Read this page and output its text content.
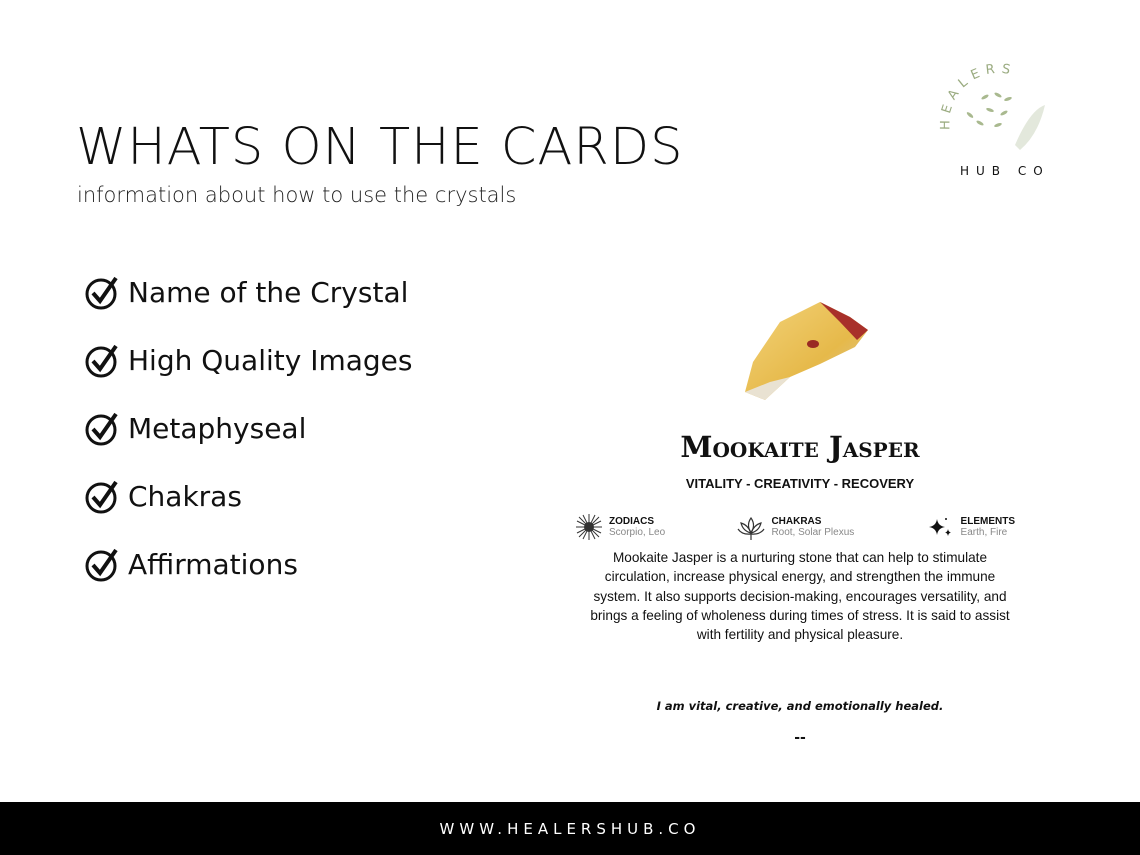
WHATS ON THE CARDS
information about how to use the crystals
HEALERS
HUB CO
Name of the Crystal
High Quality Images
Metaphyseal
Chakras
Affirmations
Mookaite Jasper
VITALITY - CREATIVITY - RECOVERY
ZODIACS
Scorpio, Leo
CHAKRAS
Root, Solar Plexus
ELEMENTS
Earth, Fire
Mookaite Jasper is a nurturing stone that can help to stimulate circulation, increase physical energy, and strengthen the immune system. It also supports decision-making, encourages versatility, and brings a feeling of wholeness during times of stress. It is said to assist with fertility and physical pleasure.
I am vital, creative, and emotionally healed.
--
WWW.HEALERSHUB.CO
